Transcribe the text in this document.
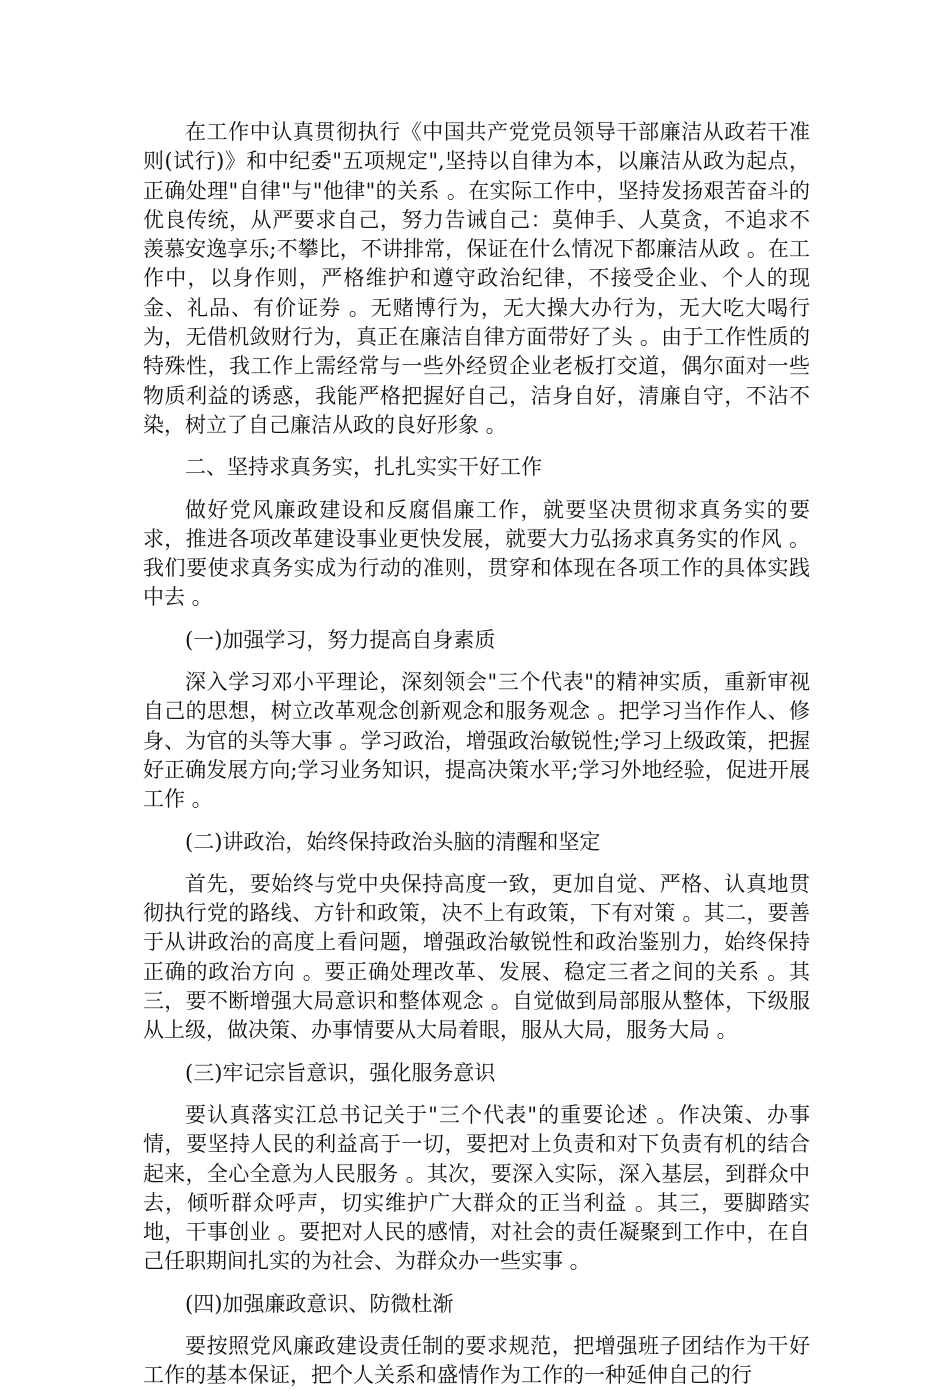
在工作中认真贯彻执行《中国共产党党员领导干部廉洁从政若干准则(试行)》和中纪委"五项规定",坚持以自律为本，以廉洁从政为起点，正确处理"自律"与"他律"的关系 。在实际工作中，坚持发扬艰苦奋斗的优良传统，从严要求自己，努力告诫自己：莫伸手、人莫贪，不追求不羡慕安逸享乐;不攀比，不讲排常，保证在什么情况下都廉洁从政 。在工作中，以身作则，严格维护和遵守政治纪律，不接受企业、个人的现金、礼品、有价证券 。无赌博行为，无大操大办行为，无大吃大喝行为，无借机敛财行为，真正在廉洁自律方面带好了头 。由于工作性质的特殊性，我工作上需经常与一些外经贸企业老板打交道，偶尔面对一些物质利益的诱惑，我能严格把握好自己，洁身自好，清廉自守，不沾不染，树立了自己廉洁从政的良好形象 。

二、坚持求真务实，扎扎实实干好工作

做好党风廉政建设和反腐倡廉工作，就要坚决贯彻求真务实的要求，推进各项改革建设事业更快发展，就要大力弘扬求真务实的作风 。我们要使求真务实成为行动的准则，贯穿和体现在各项工作的具体实践中去 。

(一)加强学习，努力提高自身素质

深入学习邓小平理论，深刻领会"三个代表"的精神实质，重新审视自己的思想，树立改革观念创新观念和服务观念 。把学习当作作人、修身、为官的头等大事 。学习政治，增强政治敏锐性;学习上级政策，把握好正确发展方向;学习业务知识，提高决策水平;学习外地经验，促进开展工作 。

(二)讲政治，始终保持政治头脑的清醒和坚定

首先，要始终与党中央保持高度一致，更加自觉、严格、认真地贯彻执行党的路线、方针和政策，决不上有政策，下有对策 。其二，要善于从讲政治的高度上看问题，增强政治敏锐性和政治鉴别力，始终保持正确的政治方向 。要正确处理改革、发展、稳定三者之间的关系 。其三，要不断增强大局意识和整体观念 。自觉做到局部服从整体，下级服从上级，做决策、办事情要从大局着眼，服从大局，服务大局 。

(三)牢记宗旨意识，强化服务意识

要认真落实江总书记关于"三个代表"的重要论述 。作决策、办事情，要坚持人民的利益高于一切，要把对上负责和对下负责有机的结合起来，全心全意为人民服务 。其次，要深入实际，深入基层，到群众中去，倾听群众呼声，切实维护广大群众的正当利益 。其三，要脚踏实地，干事创业 。要把对人民的感情，对社会的责任凝聚到工作中，在自己任职期间扎实的为社会、为群众办一些实事 。

(四)加强廉政意识、防微杜渐

要按照党风廉政建设责任制的要求规范，把增强班子团结作为干好工作的基本保证，把个人关系和盛情作为工作的一种延伸自己的行
